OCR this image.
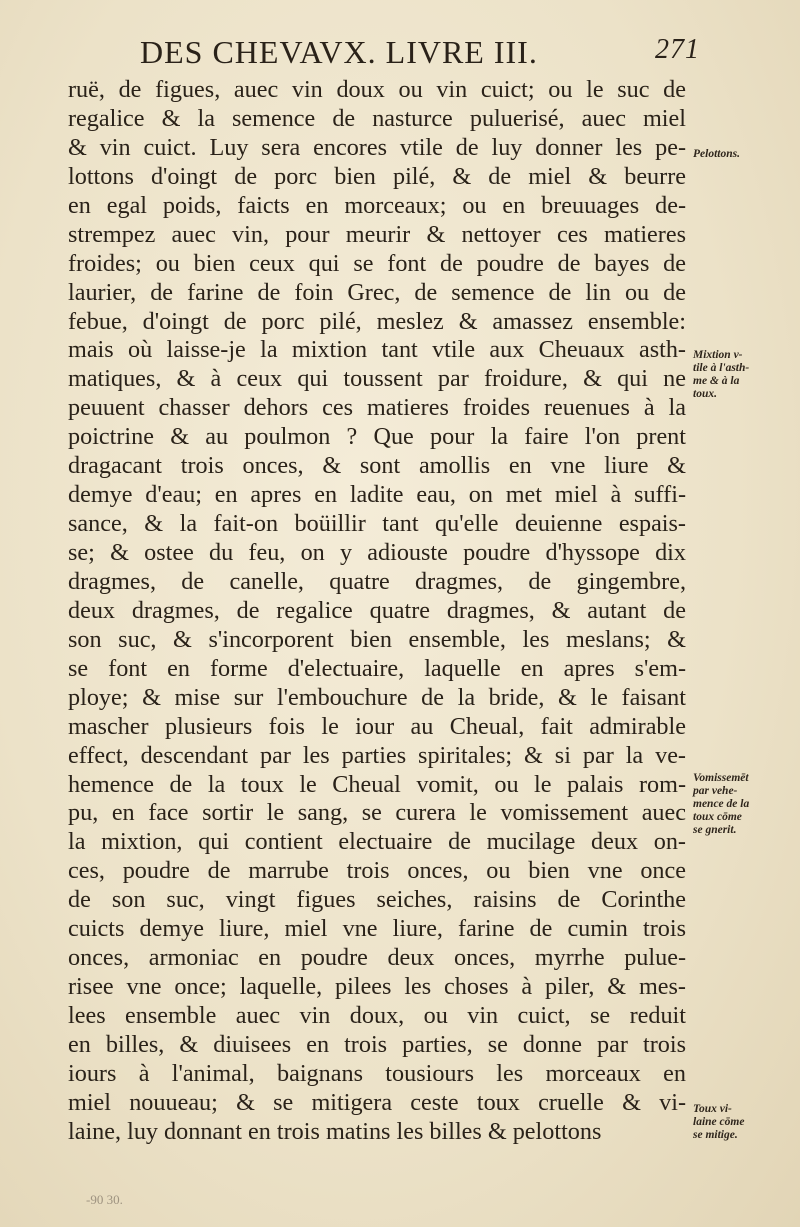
DES CHEVAVX. LIVRE III.	271
ruë, de figues, auec vin doux ou vin cuict; ou le suc de
regalice & la semence de nasturce puluerisé, auec miel
& vin cuict. Luy sera encores vtile de luy donner les pe-
lottons d'oingt de porc bien pilé, & de miel & beurre
en egal poids, faicts en morceaux; ou en breuuages de-
strempez auec vin, pour meurir & nettoyer ces matieres
froides; ou bien ceux qui se font de poudre de bayes de
laurier, de farine de foin Grec, de semence de lin ou de
febue, d'oingt de porc pilé, meslez & amassez ensemble:
mais où laisse-je la mixtion tant vtile aux Cheuaux asth-
matiques, & à ceux qui toussent par froidure, & qui ne
peuuent chasser dehors ces matieres froides reuenues à la
poictrine & au poulmon ? Que pour la faire l'on prent
dragacant trois onces, & sont amollis en vne liure &
demye d'eau; en apres en ladite eau, on met miel à suffi-
sance, & la fait-on boüillir tant qu'elle deuienne espais-
se; & ostee du feu, on y adiouste poudre d'hyssope dix
dragmes, de canelle, quatre dragmes, de gingembre,
deux dragmes, de regalice quatre dragmes, & autant de
son suc, & s'incorporent bien ensemble, les meslans; &
se font en forme d'electuaire, laquelle en apres s'em-
ploye; & mise sur l'embouchure de la bride, & le faisant
mascher plusieurs fois le iour au Cheual, fait admirable
effect, descendant par les parties spiritales; & si par la ve-
hemence de la toux le Cheual vomit, ou le palais rom-
pu, en face sortir le sang, se curera le vomissement auec
la mixtion, qui contient electuaire de mucilage deux on-
ces, poudre de marrube trois onces, ou bien vne once
de son suc, vingt figues seiches, raisins de Corinthe
cuicts demye liure, miel vne liure, farine de cumin trois
onces, armoniac en poudre deux onces, myrrhe pulue-
risee vne once; laquelle, pilees les choses à piler, & mes-
lees ensemble auec vin doux, ou vin cuict, se reduit
en billes, & diuisees en trois parties, se donne par trois
iours à l'animal, baignans tousiours les morceaux en
miel nouueau; & se mitigera ceste toux cruelle & vi-
laine, luy donnant en trois matins les billes & pelottons
Pelottons.
Mixtion v-
tile à l'asth-
me & à la
toux.
Vomissemēt
par vehe-
mence de la
toux cōme
se gnerit.
Toux vi-
laine cōme
se mitige.
-90 30.
